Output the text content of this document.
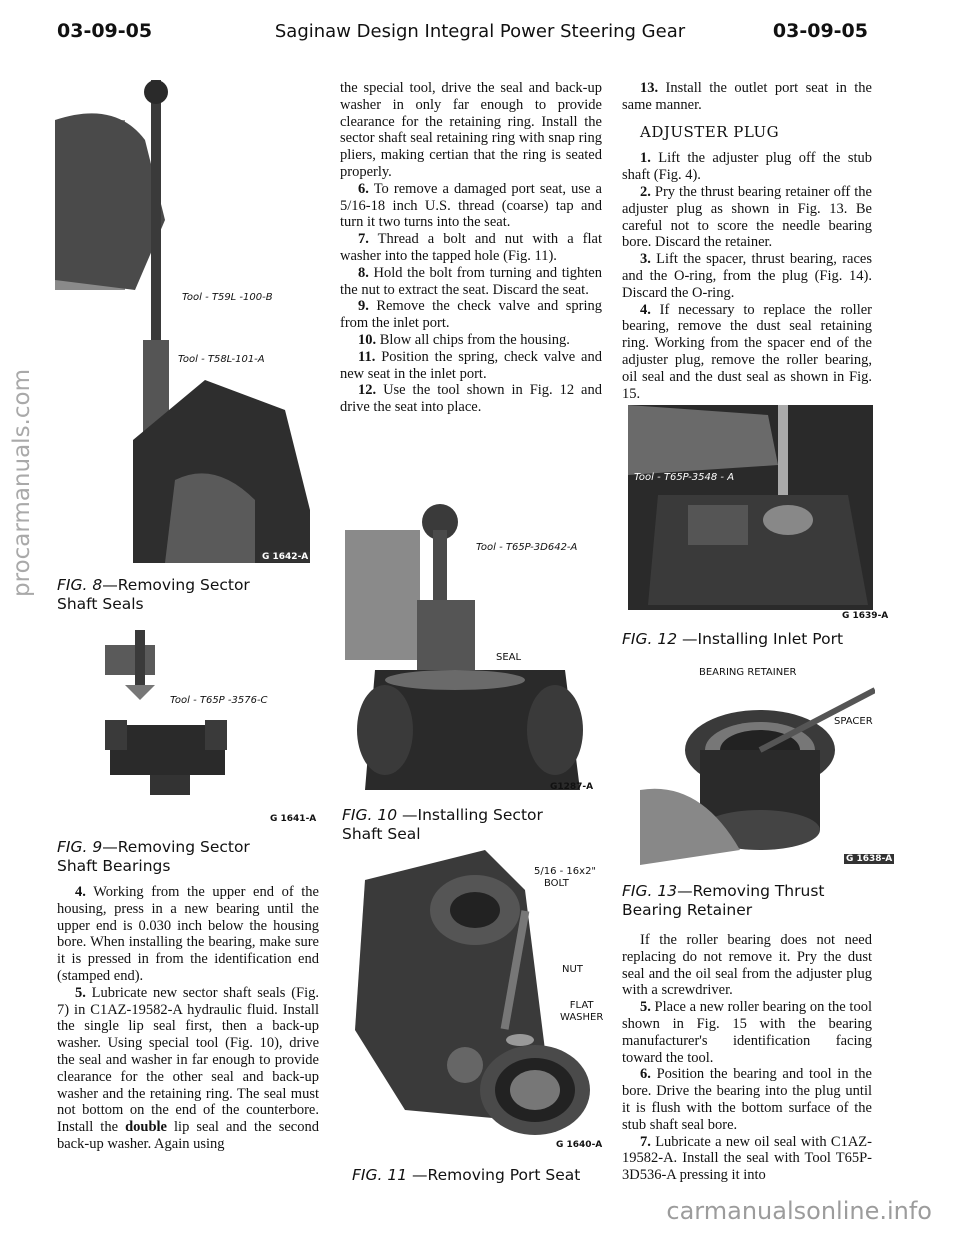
03-09-05	Saginaw Design Integral Power Steering Gear	03-09-05
procarmanuals.com
carmanualsonline.info
Tool - T59L -100-B
Tool - T58L-101-A
G 1642-A
FIG. 8—Removing Sector
Shaft Seals
Tool - T65P -3576-C
G 1641-A
FIG. 9—Removing Sector
Shaft Bearings

4. Working from the upper end of the housing, press in a new bearing until the upper end is 0.030 inch below the housing bore. When installing the bearing, make sure it is pressed in from the identification end (stamped end).

5. Lubricate new sector shaft seals (Fig. 7) in C1AZ-19582-A hydraulic fluid. Install the single lip seal first, then a back-up washer. Using special tool (Fig. 10), drive the seal and washer in far enough to provide clearance for the other seal and back-up washer and the retaining ring. The seal must not bottom on the end of the counterbore. Install the double lip seal and the second back-up washer. Again using

the special tool, drive the seal and back-up washer in only far enough to provide clearance for the retaining ring. Install the sector shaft seal retaining ring with snap ring pliers, making certian that the ring is seated properly.

6. To remove a damaged port seat, use a 5/16-18 inch U.S. thread (coarse) tap and turn it two turns into the seat.

7. Thread a bolt and nut with a flat washer into the tapped hole (Fig. 11).

8. Hold the bolt from turning and tighten the nut to extract the seat. Discard the seat.

9. Remove the check valve and spring from the inlet port.

10. Blow all chips from the housing.

11. Position the spring, check valve and new seat in the inlet port.

12. Use the tool shown in Fig. 12 and drive the seat into place.

Tool - T65P-3D642-A
SEAL
G1287-A
FIG. 10 —Installing Sector
Shaft Seal
5/16 - 16x2"
BOLT
NUT
FLAT
WASHER
G 1640-A
FIG. 11 —Removing Port Seat

13. Install the outlet port seat in the same manner.

ADJUSTER PLUG

1. Lift the adjuster plug off the stub shaft (Fig. 4).

2. Pry the thrust bearing retainer off the adjuster plug as shown in Fig. 13. Be careful not to score the needle bearing bore. Discard the retainer.

3. Lift the spacer, thrust bearing, races and the O-ring, from the plug (Fig. 14). Discard the O-ring.

4. If necessary to replace the roller bearing, remove the dust seal retaining ring. Working from the spacer end of the adjuster plug, remove the roller bearing, oil seal and the dust seal as shown in Fig. 15.

Tool - T65P-3548 - A
G 1639-A
FIG. 12 —Installing Inlet Port
BEARING RETAINER
SPACER
G 1638-A
FIG. 13—Removing Thrust
Bearing Retainer

If the roller bearing does not need replacing do not remove it. Pry the dust seal and the oil seal from the adjuster plug with a screwdriver.

5. Place a new roller bearing on the tool shown in Fig. 15 with the bearing manufacturer's identification facing toward the tool.

6. Position the bearing and tool in the bore. Drive the bearing into the plug until it is flush with the bottom surface of the stub shaft seal bore.

7. Lubricate a new oil seal with C1AZ-19582-A. Install the seal with Tool T65P-3D536-A pressing it into
